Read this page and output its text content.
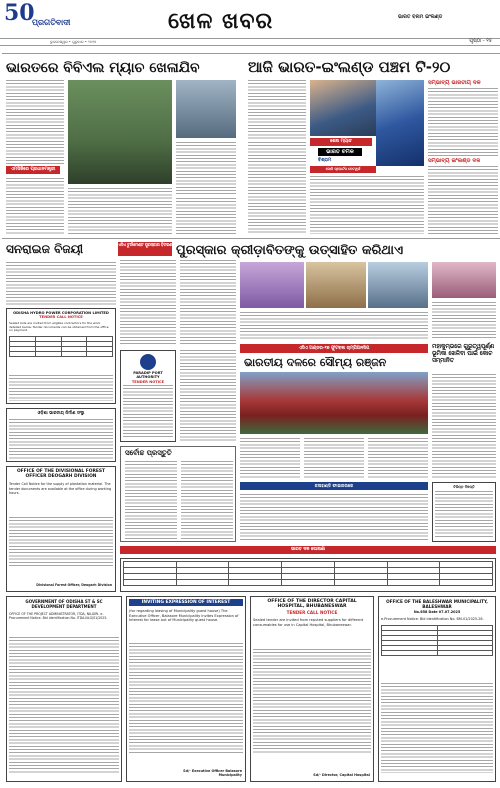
50
ପ୍ରଗତିବାଦୀ	ଖେଳ ଖବର	ଭାରତ ବନାମ ଇଂଲଣ୍ଡ
ଭୁବନେଶ୍ୱର • ଗୁରୁବାର • ୨୦୨୫	ପୃଷ୍ଠା - ୧୫
ଭାରତରେ ବିବିଏଲ ମ୍ୟାଚ ଖେଳାଯିବ
ଏମସିଜିରେ ପ୍ରଧାନମନ୍ତ୍ରୀ
ଆଜି ଭାରତ-ଇଂଲଣ୍ଡ ପଞ୍ଚମ ଟି-୨୦
ଶେଷ ମ୍ୟାଚ
ଭାରତ ଚମକ
ବିଶ୍ରାମ
ସୋନି ସ୍ପୋର୍ଟସ ନେଟୱର୍କ
ସମ୍ଭାବ୍ୟ ଭାରତୀୟ ଦଳ
ସମ୍ଭାବ୍ୟ ଇଂଲଣ୍ଡ ଦଳ
ସନରାଇଜ ବିଜୟୀ	ଏସିଏ ଟୁର୍ନାମେଣ୍ଟ ପୁରସ୍କାର ବିତରଣ ପୁରସ୍କାର କ୍ରୀଡ଼ାବିତଙ୍କୁ ଉତ୍ସାହିତ କରିଥାଏ
ODISHA HYDRO POWER CORPORATION LIMITED
TENDER CALL NOTICE
Sealed bids are invited from eligible contractors for the work detailed below. Tender documents can be obtained from the office on payment.

ଓଡ଼ିଶା ଭାରତୀୟ ନିର୍ମାଣ ସଂସ୍ଥା
OFFICE OF THE DIVISIONAL FOREST OFFICER DEOGARH DIVISION
Tender Call Notice for the supply of plantation material. The tender documents are available at the office during working hours.
Divisional Forest Officer, Deogarh Division
PARADIP PORT AUTHORITY
TENDER NOTICE
ଏସିଏ ଅଣ୍ଡର-୧୭ ଫୁଟବଲ ଚାମ୍ପିଅନସିପ
ଭାରତୀୟ ଦଳରେ ସୌମ୍ୟ ରଞ୍ଜନ
ମହାକୁମ୍ଭରେ ଗୁରୁତ୍ୱପୂର୍ଣ୍ଣ ଭୂମିକା ଖେଳିବା ପାଇଁ କୋଚ ସମ୍ମାନିତ
ସର୍ବୋଚ୍ଚ ପ୍ରସ୍ତୁତି
କଳାହାଣ୍ଡି ଫାଇନାଲରେ	ବିଭିନ୍ନ ବିଜ୍ଞପ୍ତି
ଭାରତ ଦଳ ଘୋଷଣା

GOVERNMENT OF ODISHA ST & SC DEVELOPMENT DEPARTMENT
OFFICE OF THE PROJECT ADMINISTRATOR, ITDA, NILGIRI. e-Procurement Notice. Bid identification No. ITDA-NLG/01/2025.
INVITING EXPRESSION OF INTEREST
(for regarding leasing of Municipality guest house) The Executive Officer, Balasore Municipality invites Expression of Interest for lease out of Municipality guest house.
Sd/- Executive Officer Balasore Municipality
OFFICE OF THE DIRECTOR CAPITAL HOSPITAL, BHUBANESWAR
TENDER CALL NOTICE
Sealed tender are invited from reputed suppliers for different consumables for use in Capital Hospital, Bhubaneswar.
Sd/- Director, Capital Hospital
OFFICE OF THE BALESHWAR MUNICIPALITY, BALESHWAR
No.658 Date 07.07.2025
e-Procurement Notice. Bid identification No. BM-01/2025-26.
